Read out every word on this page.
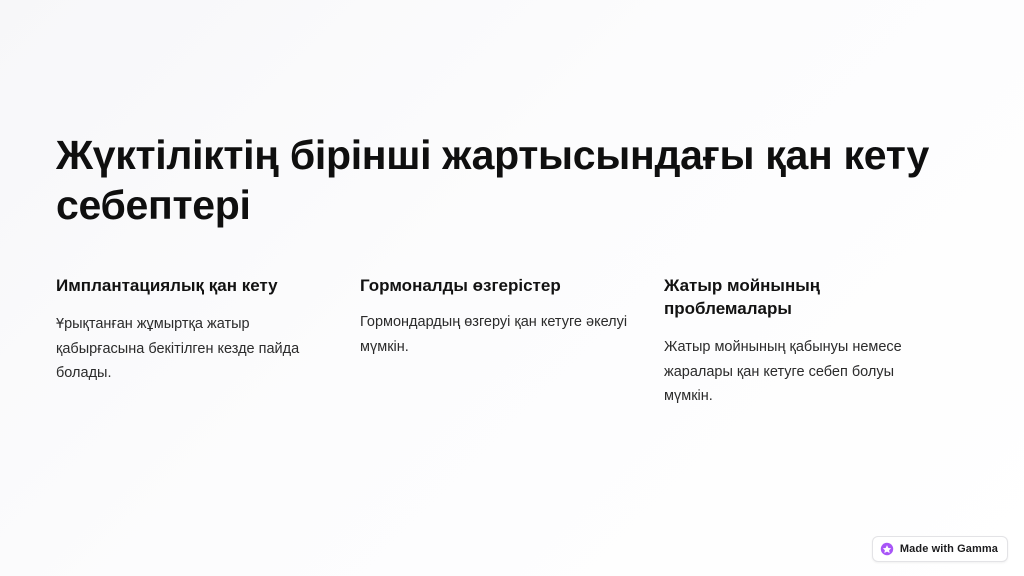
Жүктіліктің бірінші жартысындағы қан кету себептері
Имплантациялық қан кету

Ұрықтанған жұмыртқа жатыр қабырғасына бекітілген кезде пайда болады.

Гормоналды өзгерістер

Гормондардың өзгеруі қан кетуге әкелуі мүмкін.

Жатыр мойнының проблемалары

Жатыр мойнының қабынуы немесе жаралары қан кетуге себеп болуы мүмкін.

Made with Gamma
